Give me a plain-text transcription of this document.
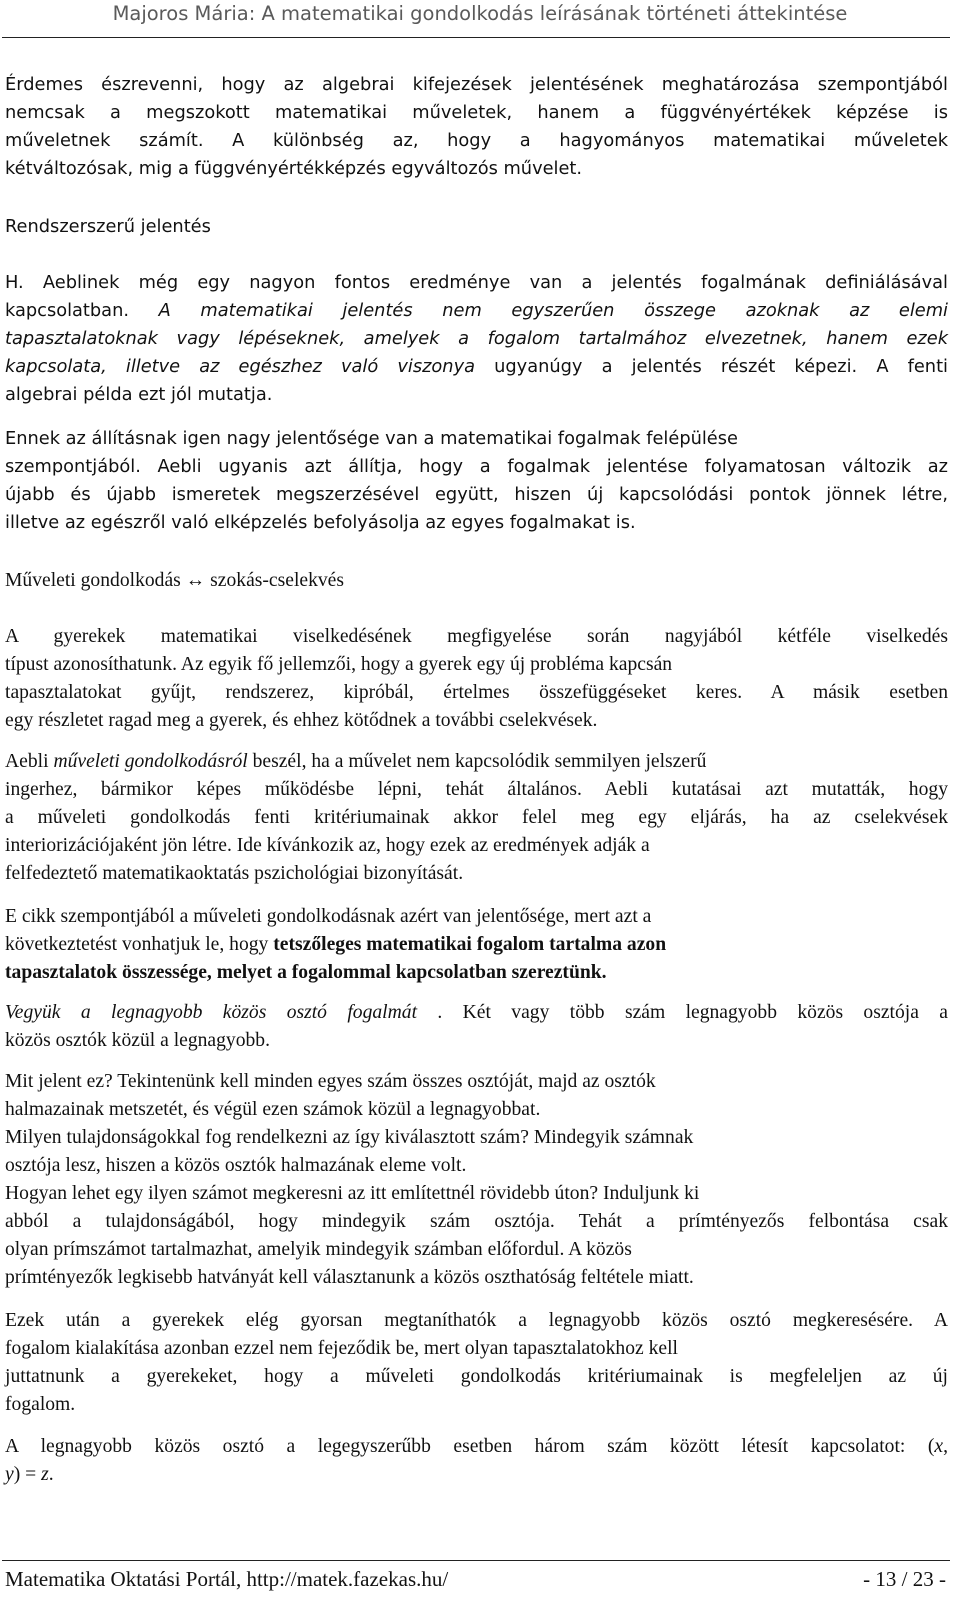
Majoros Mária: A matematikai gondolkodás leírásának történeti áttekintése
Érdemes észrevenni, hogy az algebrai kifejezések jelentésének meghatározása szempontjából
nemcsak a megszokott matematikai műveletek, hanem a függvényértékek képzése is
műveletnek számít. A különbség az, hogy a hagyományos matematikai műveletek
kétváltozósak, mig a függvényértékképzés egyváltozós művelet.
Rendszerszerű jelentés
H. Aeblinek még egy nagyon fontos eredménye van a jelentés fogalmának definiálásával
kapcsolatban. A matematikai jelentés nem egyszerűen összege azoknak az elemi
tapasztalatoknak vagy lépéseknek, amelyek a fogalom tartalmához elvezetnek, hanem ezek
kapcsolata, illetve az egészhez való viszonya ugyanúgy a jelentés részét képezi. A fenti
algebrai példa ezt jól mutatja.
Ennek az állításnak igen nagy jelentősége van a matematikai fogalmak felépülése
szempontjából. Aebli ugyanis azt állítja, hogy a fogalmak jelentése folyamatosan változik az
újabb és újabb ismeretek megszerzésével együtt, hiszen új kapcsolódási pontok jönnek létre,
illetve az egészről való elképzelés befolyásolja az egyes fogalmakat is.
Műveleti gondolkodás ↔ szokás-cselekvés
A gyerekek matematikai viselkedésének megfigyelése során nagyjából kétféle viselkedés
típust azonosíthatunk. Az egyik fő jellemzői, hogy a gyerek egy új probléma kapcsán
tapasztalatokat gyűjt, rendszerez, kipróbál, értelmes összefüggéseket keres. A másik esetben
egy részletet ragad meg a gyerek, és ehhez kötődnek a további cselekvések.
Aebli műveleti gondolkodásról beszél, ha a művelet nem kapcsolódik semmilyen jelszerű
ingerhez, bármikor képes működésbe lépni, tehát általános. Aebli kutatásai azt mutatták, hogy
a műveleti gondolkodás fenti kritériumainak akkor felel meg egy eljárás, ha az cselekvések
interiorizációjaként jön létre. Ide kívánkozik az, hogy ezek az eredmények adják a
felfedeztető matematikaoktatás pszichológiai bizonyítását.
E cikk szempontjából a műveleti gondolkodásnak azért van jelentősége, mert azt a
következtetést vonhatjuk le, hogy tetszőleges matematikai fogalom tartalma azon
tapasztalatok összessége, melyet a fogalommal kapcsolatban szereztünk.
Vegyük a legnagyobb közös osztó fogalmát . Két vagy több szám legnagyobb közös osztója a
közös osztók közül a legnagyobb.
Mit jelent ez? Tekintenünk kell minden egyes szám összes osztóját, majd az osztók
halmazainak metszetét, és végül ezen számok közül a legnagyobbat.
Milyen tulajdonságokkal fog rendelkezni az így kiválasztott szám? Mindegyik számnak
osztója lesz, hiszen a közös osztók halmazának eleme volt.
Hogyan lehet egy ilyen számot megkeresni az itt említettnél rövidebb úton? Induljunk ki
abból a tulajdonságából, hogy mindegyik szám osztója. Tehát a prímtényezős felbontása csak
olyan prímszámot tartalmazhat, amelyik mindegyik számban előfordul. A közös
prímtényezők legkisebb hatványát kell választanunk a közös oszthatóság feltétele miatt.
Ezek után a gyerekek elég gyorsan megtaníthatók a legnagyobb közös osztó megkeresésére. A
fogalom kialakítása azonban ezzel nem fejeződik be, mert olyan tapasztalatokhoz kell
juttatnunk a gyerekeket, hogy a műveleti gondolkodás kritériumainak is megfeleljen az új
fogalom.
A legnagyobb közös osztó a legegyszerűbb esetben három szám között létesít kapcsolatot: (x,
y) = z.
Matematika Oktatási Portál, http://matek.fazekas.hu/	- 13 / 23 -
